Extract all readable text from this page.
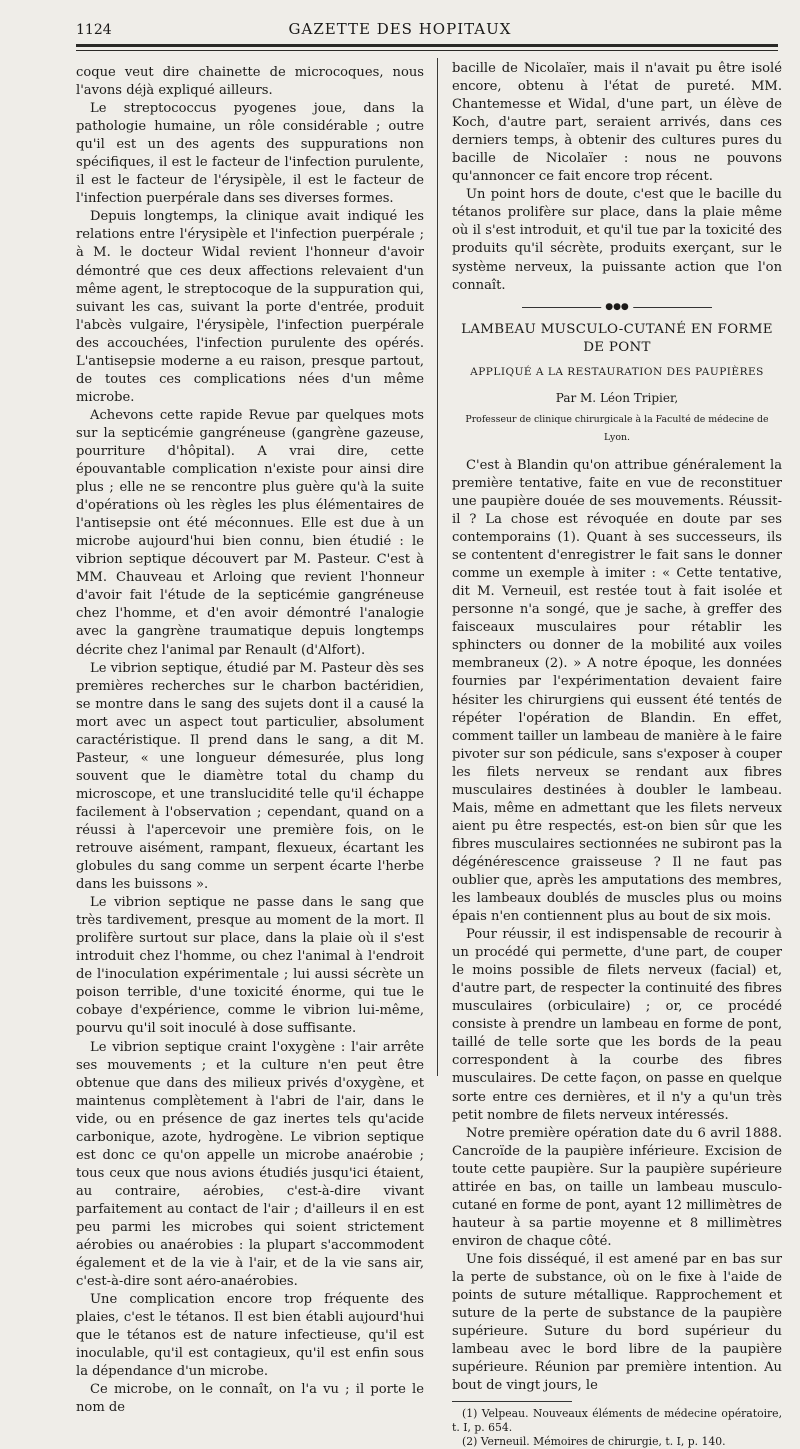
1124	GAZETTE DES HOPITAUX

coque veut dire chainette de microcoques, nous l'avons déjà expliqué ailleurs.

Le streptococcus pyogenes joue, dans la pathologie humaine, un rôle considérable ; outre qu'il est un des agents des suppurations non spécifiques, il est le facteur de l'infection purulente, il est le facteur de l'érysipèle, il est le facteur de l'infection puerpérale dans ses diverses formes.

Depuis longtemps, la clinique avait indiqué les relations entre l'érysipèle et l'infection puerpérale ; à M. le docteur Widal revient l'honneur d'avoir démontré que ces deux affections relevaient d'un même agent, le streptocoque de la suppuration qui, suivant les cas, suivant la porte d'entrée, produit l'abcès vulgaire, l'érysipèle, l'infection puerpérale des accouchées, l'infection purulente des opérés. L'antisepsie moderne a eu raison, presque partout, de toutes ces complications nées d'un même microbe.

Achevons cette rapide Revue par quelques mots sur la septicémie gangréneuse (gangrène gazeuse, pourriture d'hôpital). A vrai dire, cette épouvantable complication n'existe pour ainsi dire plus ; elle ne se rencontre plus guère qu'à la suite d'opérations où les règles les plus élémentaires de l'antisepsie ont été méconnues. Elle est due à un microbe aujourd'hui bien connu, bien étudié : le vibrion septique découvert par M. Pasteur. C'est à MM. Chauveau et Arloing que revient l'honneur d'avoir fait l'étude de la septicémie gangréneuse chez l'homme, et d'en avoir démontré l'analogie avec la gangrène traumatique depuis longtemps décrite chez l'animal par Renault (d'Alfort).

Le vibrion septique, étudié par M. Pasteur dès ses premières recherches sur le charbon bactéridien, se montre dans le sang des sujets dont il a causé la mort avec un aspect tout particulier, absolument caractéristique. Il prend dans le sang, a dit M. Pasteur, « une longueur démesurée, plus long souvent que le diamètre total du champ du microscope, et une translucidité telle qu'il échappe facilement à l'observation ; cependant, quand on a réussi à l'apercevoir une première fois, on le retrouve aisément, rampant, flexueux, écartant les globules du sang comme un serpent écarte l'herbe dans les buissons ».

Le vibrion septique ne passe dans le sang que très tardivement, presque au moment de la mort. Il prolifère surtout sur place, dans la plaie où il s'est introduit chez l'homme, ou chez l'animal à l'endroit de l'inoculation expérimentale ; lui aussi sécrète un poison terrible, d'une toxicité énorme, qui tue le cobaye d'expérience, comme le vibrion lui-même, pourvu qu'il soit inoculé à dose suffisante.

Le vibrion septique craint l'oxygène : l'air arrête ses mouvements ; et la culture n'en peut être obtenue que dans des milieux privés d'oxygène, et maintenus complètement à l'abri de l'air, dans le vide, ou en présence de gaz inertes tels qu'acide carbonique, azote, hydrogène. Le vibrion septique est donc ce qu'on appelle un microbe anaérobie ; tous ceux que nous avions étudiés jusqu'ici étaient, au contraire, aérobies, c'est-à-dire vivant parfaitement au contact de l'air ; d'ailleurs il en est peu parmi les microbes qui soient strictement aérobies ou anaérobies : la plupart s'accommodent également et de la vie à l'air, et de la vie sans air, c'est-à-dire sont aéro-anaérobies.

Une complication encore trop fréquente des plaies, c'est le tétanos. Il est bien établi aujourd'hui que le tétanos est de nature infectieuse, qu'il est inoculable, qu'il est contagieux, qu'il est enfin sous la dépendance d'un microbe.

Ce microbe, on le connaît, on l'a vu ; il porte le nom de

bacille de Nicolaïer, mais il n'avait pu être isolé encore, obtenu à l'état de pureté. MM. Chantemesse et Widal, d'une part, un élève de Koch, d'autre part, seraient arrivés, dans ces derniers temps, à obtenir des cultures pures du bacille de Nicolaïer : nous ne pouvons qu'annoncer ce fait encore trop récent.

Un point hors de doute, c'est que le bacille du tétanos prolifère sur place, dans la plaie même où il s'est introduit, et qu'il tue par la toxicité des produits qu'il sécrète, produits exerçant, sur le système nerveux, la puissante action que l'on connaît.

●●●
LAMBEAU MUSCULO-CUTANÉ EN FORME DE PONT
APPLIQUÉ A LA RESTAURATION DES PAUPIÈRES
Par M. Léon Tripier,
Professeur de clinique chirurgicale à la Faculté de médecine de Lyon.

C'est à Blandin qu'on attribue généralement la première tentative, faite en vue de reconstituer une paupière douée de ses mouvements. Réussit-il ? La chose est révoquée en doute par ses contemporains (1). Quant à ses successeurs, ils se contentent d'enregistrer le fait sans le donner comme un exemple à imiter : « Cette tentative, dit M. Verneuil, est restée tout à fait isolée et personne n'a songé, que je sache, à greffer des faisceaux musculaires pour rétablir les sphincters ou donner de la mobilité aux voiles membraneux (2). » A notre époque, les données fournies par l'expérimentation devaient faire hésiter les chirurgiens qui eussent été tentés de répéter l'opération de Blandin. En effet, comment tailler un lambeau de manière à le faire pivoter sur son pédicule, sans s'exposer à couper les filets nerveux se rendant aux fibres musculaires destinées à doubler le lambeau. Mais, même en admettant que les filets nerveux aient pu être respectés, est-on bien sûr que les fibres musculaires sectionnées ne subiront pas la dégénérescence graisseuse ? Il ne faut pas oublier que, après les amputations des membres, les lambeaux doublés de muscles plus ou moins épais n'en contiennent plus au bout de six mois.

Pour réussir, il est indispensable de recourir à un procédé qui permette, d'une part, de couper le moins possible de filets nerveux (facial) et, d'autre part, de respecter la continuité des fibres musculaires (orbiculaire) ; or, ce procédé consiste à prendre un lambeau en forme de pont, taillé de telle sorte que les bords de la peau correspondent à la courbe des fibres musculaires. De cette façon, on passe en quelque sorte entre ces dernières, et il n'y a qu'un très petit nombre de filets nerveux intéressés.

Notre première opération date du 6 avril 1888. Cancroïde de la paupière inférieure. Excision de toute cette paupière. Sur la paupière supérieure attirée en bas, on taille un lambeau musculo-cutané en forme de pont, ayant 12 millimètres de hauteur à sa partie moyenne et 8 millimètres environ de chaque côté.

Une fois disséqué, il est amené par en bas sur la perte de substance, où on le fixe à l'aide de points de suture métallique. Rapprochement et suture de la perte de substance de la paupière supérieure. Suture du bord supérieur du lambeau avec le bord libre de la paupière supérieure. Réunion par première intention. Au bout de vingt jours, le

(1) Velpeau. Nouveaux éléments de médecine opératoire, t. I, p. 654.

(2) Verneuil. Mémoires de chirurgie, t. I, p. 140.
